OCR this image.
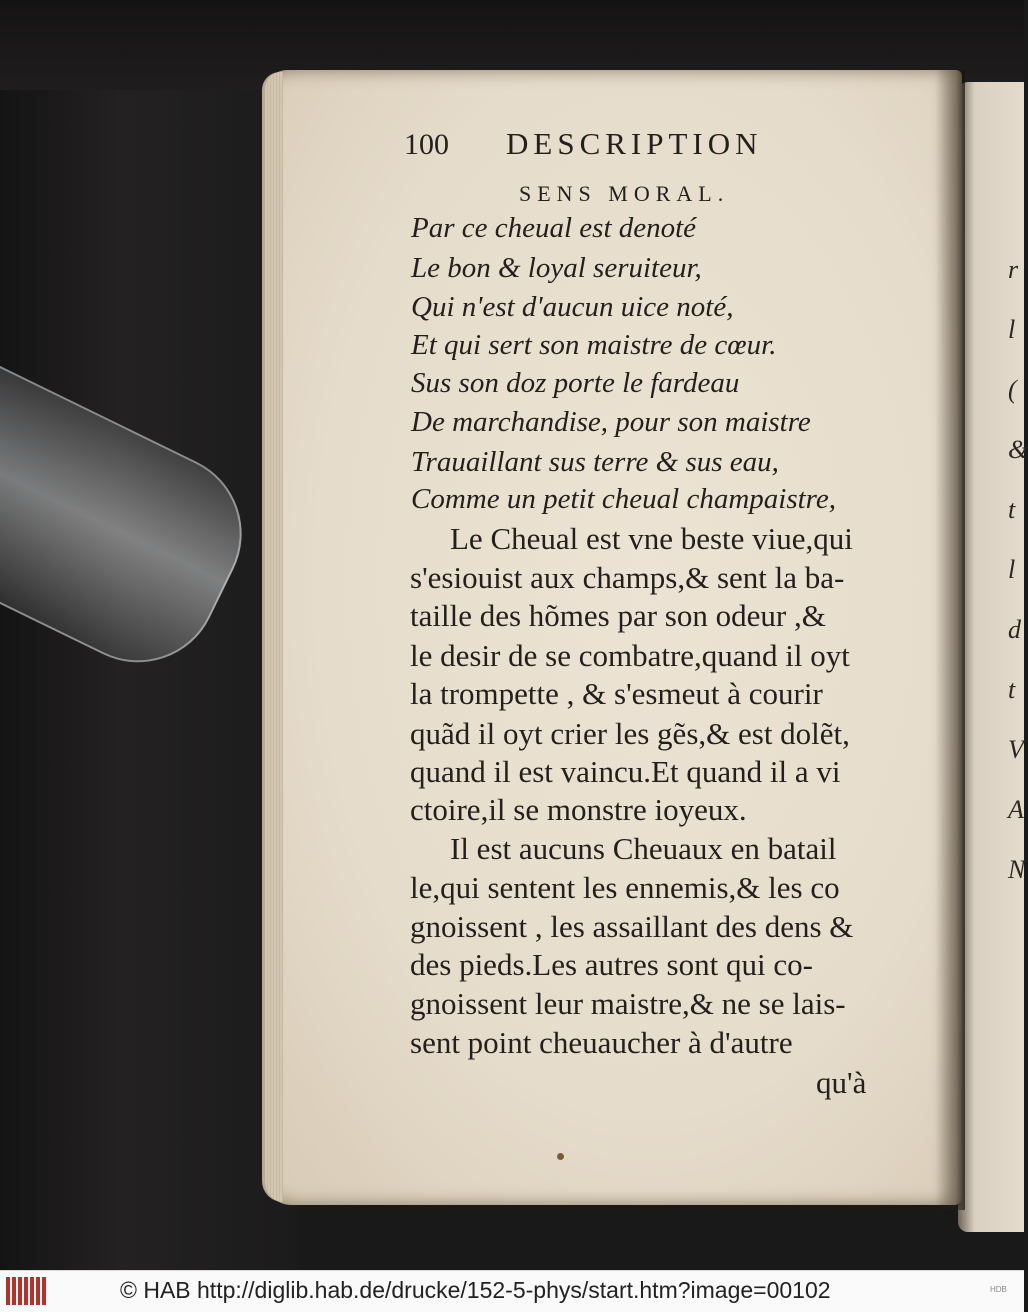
r
l
(
&
t
l
d
t
V
A
N
100 DESCRIPTION
SENS MORAL.
Par ce cheual est denoté
Le bon & loyal seruiteur,
Qui n'est d'aucun uice noté,
Et qui sert son maistre de cœur.
Sus son doz porte le fardeau
De marchandise, pour son maistre
Trauaillant sus terre & sus eau,
Comme un petit cheual champaistre,
Le Cheual est vne beste viue,qui
s'esiouist aux champs,& sent la ba-
taille des hõmes par son odeur ,&
le desir de se combatre,quand il oyt
la trompette , & s'esmeut à courir
quãd il oyt crier les gẽs,& est dolẽt,
quand il est vaincu.Et quand il a vi
ctoire,il se monstre ioyeux.
Il est aucuns Cheuaux en batail
le,qui sentent les ennemis,& les co
gnoissent , les assaillant des dens &
des pieds.Les autres sont qui co-
gnoissent leur maistre,& ne se lais-
sent point cheuaucher à d'autre
qu'à
© HAB http://diglib.hab.de/drucke/152-5-phys/start.htm?image=00102	HDB
